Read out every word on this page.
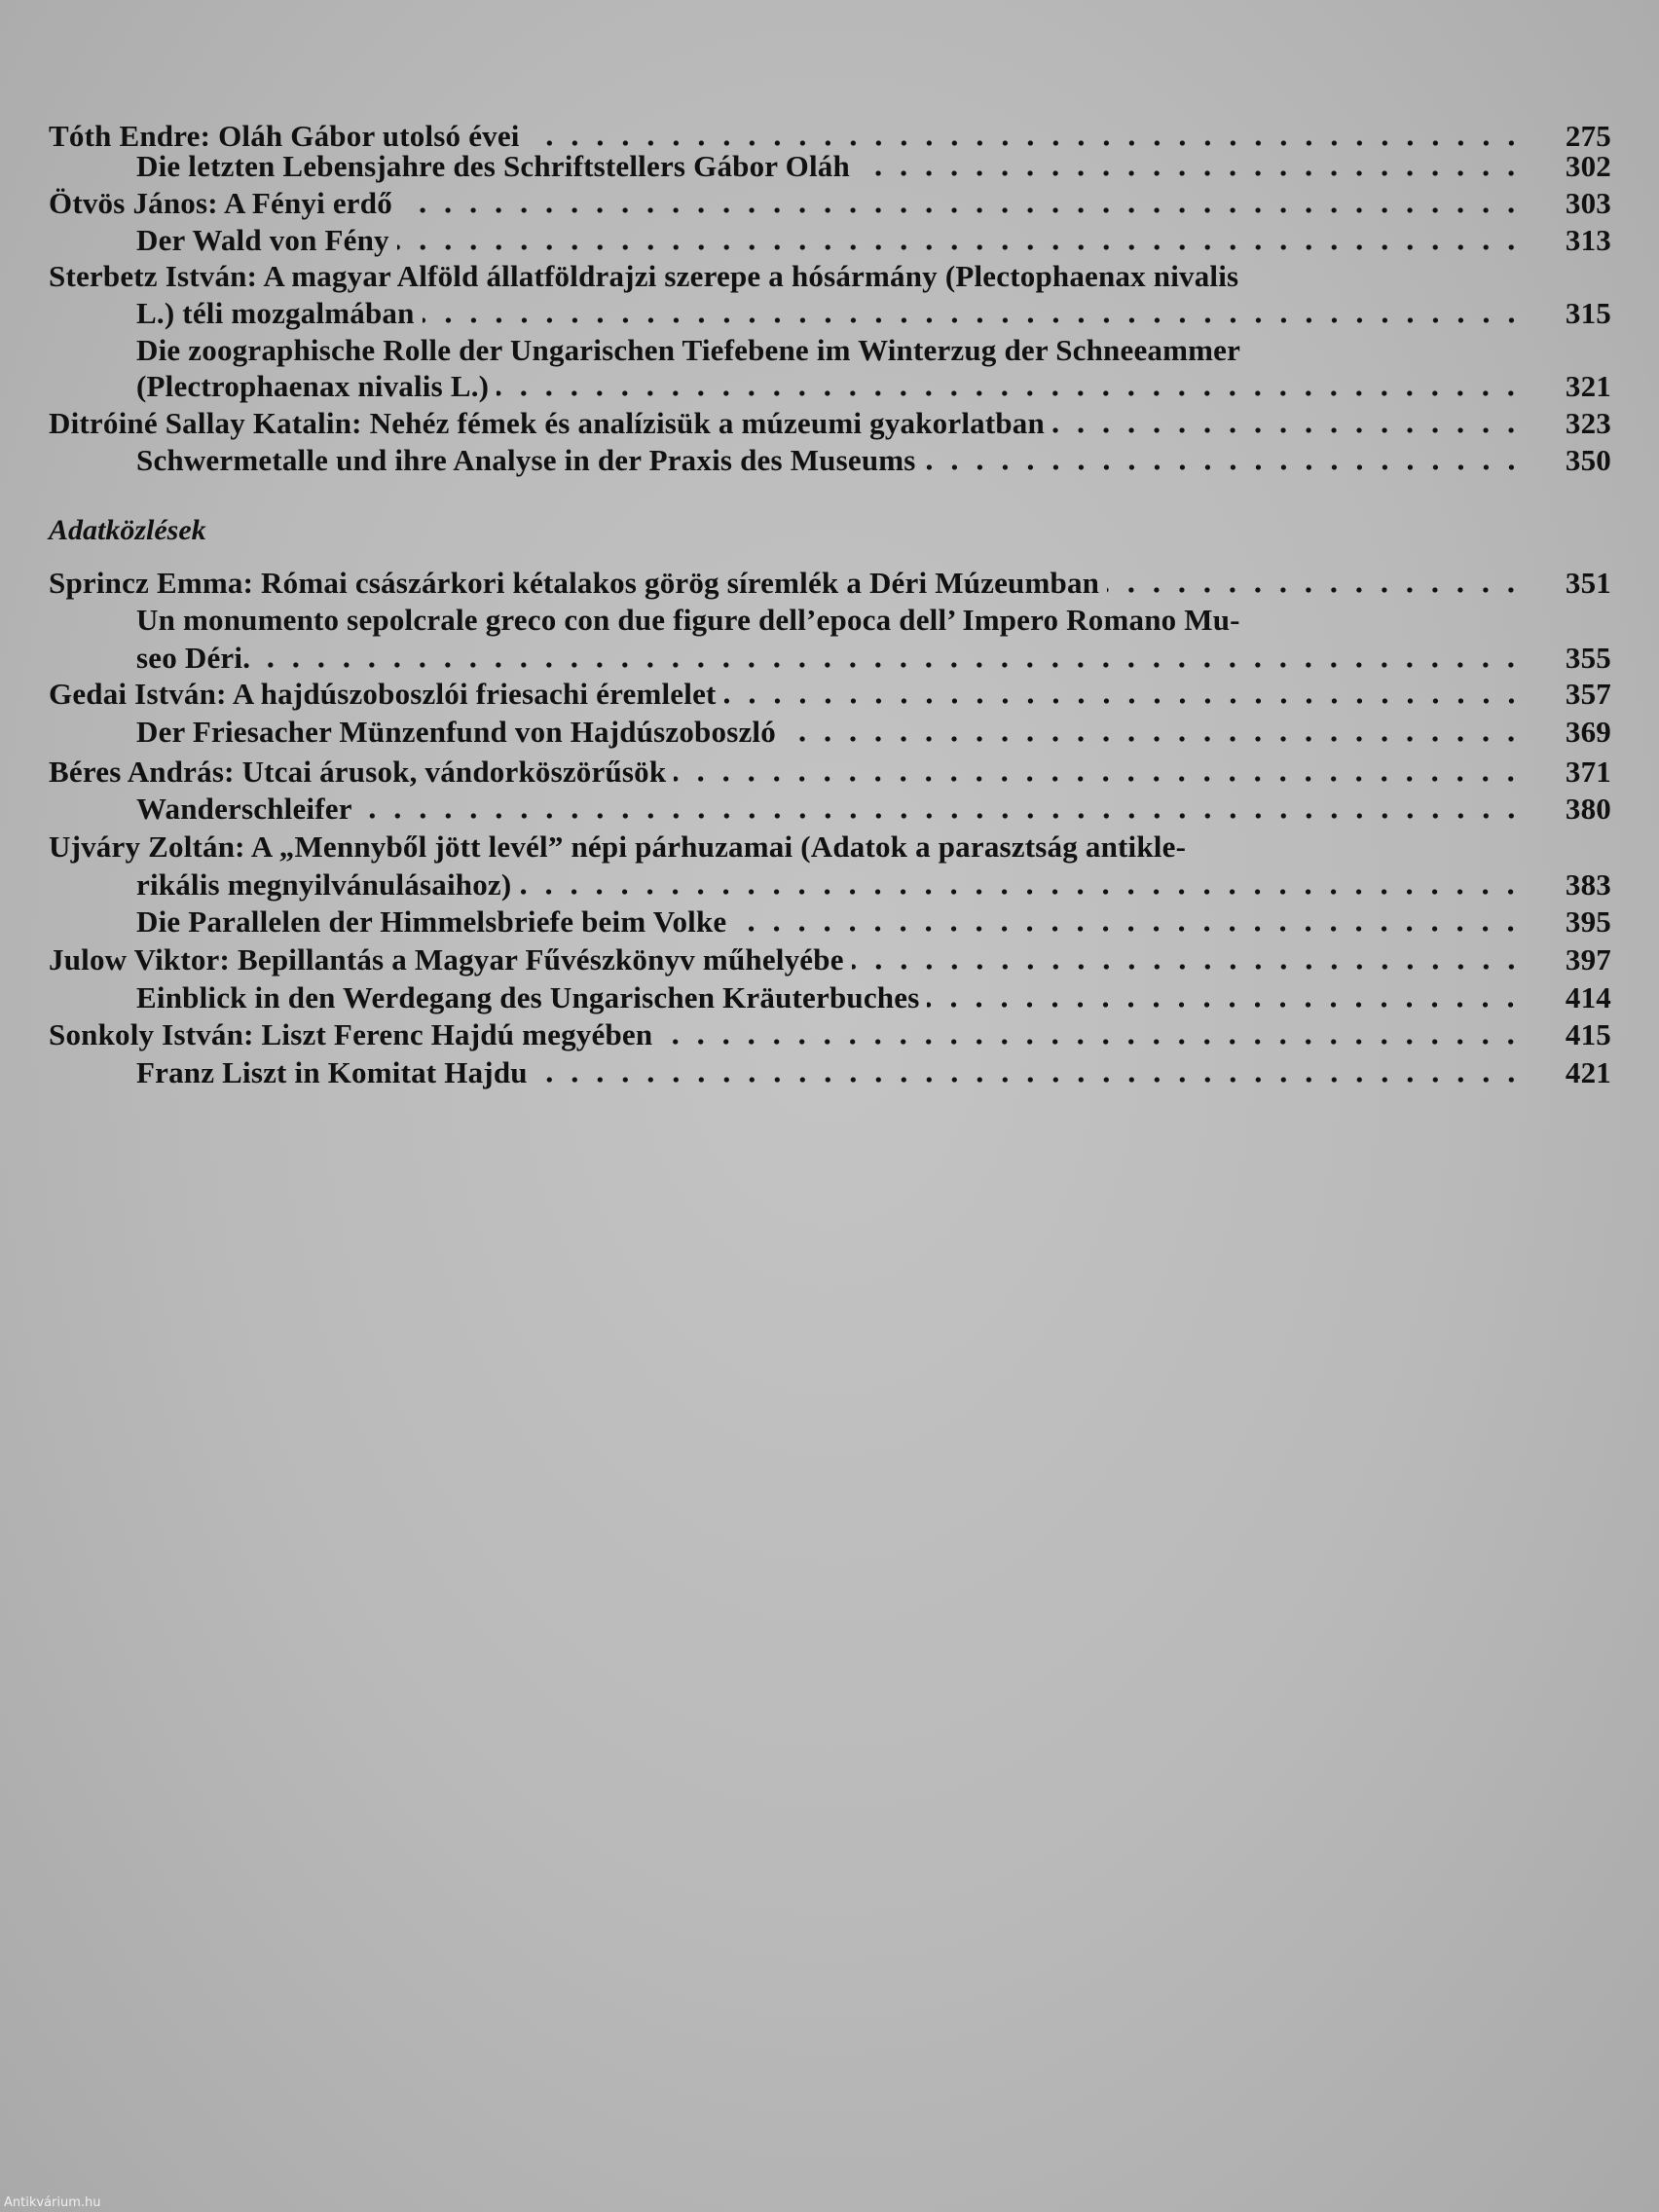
Tóth Endre: Oláh Gábor utolsó évei	275
Die letzten Lebensjahre des Schriftstellers Gábor Oláh	302
Ötvös János: A Fényi erdő	303
Der Wald von Fény	313
Sterbetz István: A magyar Alföld állatföldrajzi szerepe a hósármány (Plectophaenax nivalis
L.) téli mozgalmában	315
Die zoographische Rolle der Ungarischen Tiefebene im Winterzug der Schneeammer
(Plectrophaenax nivalis L.)	321
Ditróiné Sallay Katalin: Nehéz fémek és analízisük a múzeumi gyakorlatban	323
Schwermetalle und ihre Analyse in der Praxis des Museums	350
Sprincz Emma: Római császárkori kétalakos görög síremlék a Déri Múzeumban	351
Un monumento sepolcrale greco con due figure dell’epoca dell’ Impero Romano Mu-
seo Déri.	355
Gedai István: A hajdúszoboszlói friesachi éremlelet	357
Der Friesacher Münzenfund von Hajdúszoboszló	369
Béres András: Utcai árusok, vándorköszörűsök	371
Wanderschleifer	380
Ujváry Zoltán: A „Mennyből jött levél” népi párhuzamai (Adatok a parasztság antikle-
rikális megnyilvánulásaihoz)	383
Die Parallelen der Himmelsbriefe beim Volke	395
Julow Viktor: Bepillantás a Magyar Fűvészkönyv műhelyébe	397
Einblick in den Werdegang des Ungarischen Kräuterbuches	414
Sonkoly István: Liszt Ferenc Hajdú megyében	415
Franz Liszt in Komitat Hajdu	421
Adatközlések
Antikvárium.hu
